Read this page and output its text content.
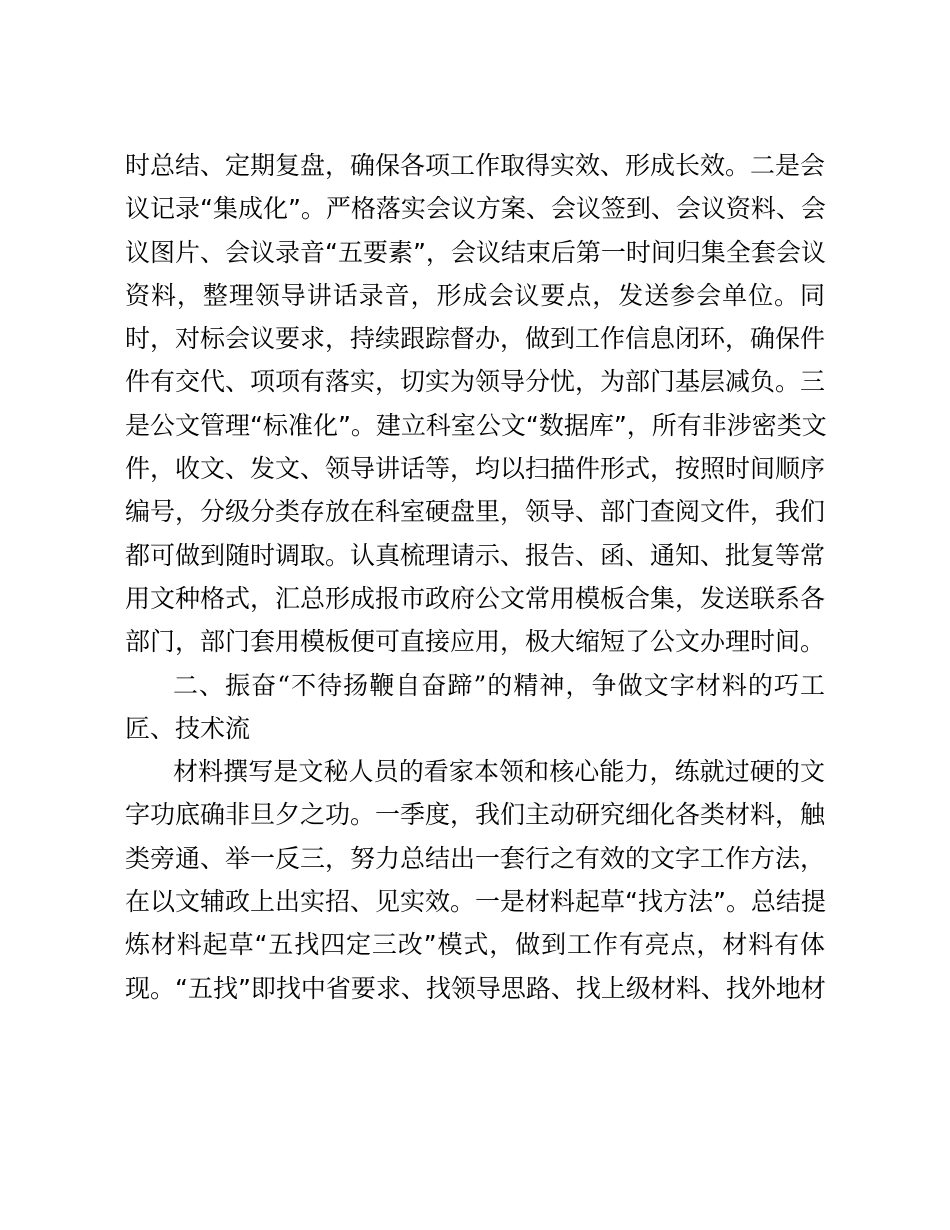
时总结、定期复盘，确保各项工作取得实效、形成长效。二是会
议记录“集成化”。严格落实会议方案、会议签到、会议资料、会
议图片、会议录音“五要素”，会议结束后第一时间归集全套会议
资料，整理领导讲话录音，形成会议要点，发送参会单位。同
时，对标会议要求，持续跟踪督办，做到工作信息闭环，确保件
件有交代、项项有落实，切实为领导分忧，为部门基层减负。三
是公文管理“标准化”。建立科室公文“数据库”，所有非涉密类文
件，收文、发文、领导讲话等，均以扫描件形式，按照时间顺序
编号，分级分类存放在科室硬盘里，领导、部门查阅文件，我们
都可做到随时调取。认真梳理请示、报告、函、通知、批复等常
用文种格式，汇总形成报市政府公文常用模板合集，发送联系各
部门，部门套用模板便可直接应用，极大缩短了公文办理时间。
二、振奋“不待扬鞭自奋蹄”的精神，争做文字材料的巧工
匠、技术流
材料撰写是文秘人员的看家本领和核心能力，练就过硬的文
字功底确非旦夕之功。一季度，我们主动研究细化各类材料，触
类旁通、举一反三，努力总结出一套行之有效的文字工作方法，
在以文辅政上出实招、见实效。一是材料起草“找方法”。总结提
炼材料起草“五找四定三改”模式，做到工作有亮点，材料有体
现。“五找”即找中省要求、找领导思路、找上级材料、找外地材
